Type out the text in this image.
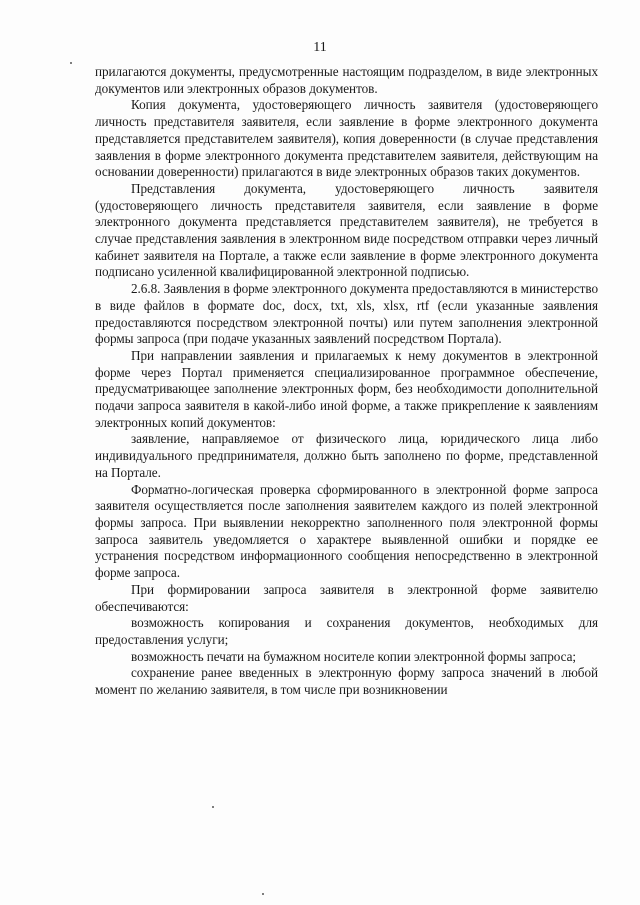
11

прилагаются документы, предусмотренные настоящим подразделом, в виде электронных документов или электронных образов документов.

Копия документа, удостоверяющего личность заявителя (удостоверяющего личность представителя заявителя, если заявление в форме электронного документа представляется представителем заявителя), копия доверенности (в случае представления заявления в форме электронного документа представителем заявителя, действующим на основании доверенности) прилагаются в виде электронных образов таких документов.

Представления документа, удостоверяющего личность заявителя (удостоверяющего личность представителя заявителя, если заявление в форме электронного документа представляется представителем заявителя), не требуется в случае представления заявления в электронном виде посредством отправки через личный кабинет заявителя на Портале, а также если заявление в форме электронного документа подписано усиленной квалифицированной электронной подписью.

2.6.8. Заявления в форме электронного документа предоставляются в министерство в виде файлов в формате doc, docx, txt, xls, xlsx, rtf (если указанные заявления предоставляются посредством электронной почты) или путем заполнения электронной формы запроса (при подаче указанных заявлений посредством Портала).

При направлении заявления и прилагаемых к нему документов в электронной форме через Портал применяется специализированное программное обеспечение, предусматривающее заполнение электронных форм, без необходимости дополнительной подачи запроса заявителя в какой-либо иной форме, а также прикрепление к заявлениям электронных копий документов:

заявление, направляемое от физического лица, юридического лица либо индивидуального предпринимателя, должно быть заполнено по форме, представленной на Портале.

Форматно-логическая проверка сформированного в электронной форме запроса заявителя осуществляется после заполнения заявителем каждого из полей электронной формы запроса. При выявлении некорректно заполненного поля электронной формы запроса заявитель уведомляется о характере выявленной ошибки и порядке ее устранения посредством информационного сообщения непосредственно в электронной форме запроса.

При формировании запроса заявителя в электронной форме заявителю обеспечиваются:

возможность копирования и сохранения документов, необходимых для предоставления услуги;

возможность печати на бумажном носителе копии электронной формы запроса;

сохранение ранее введенных в электронную форму запроса значений в любой момент по желанию заявителя, в том числе при возникновении
